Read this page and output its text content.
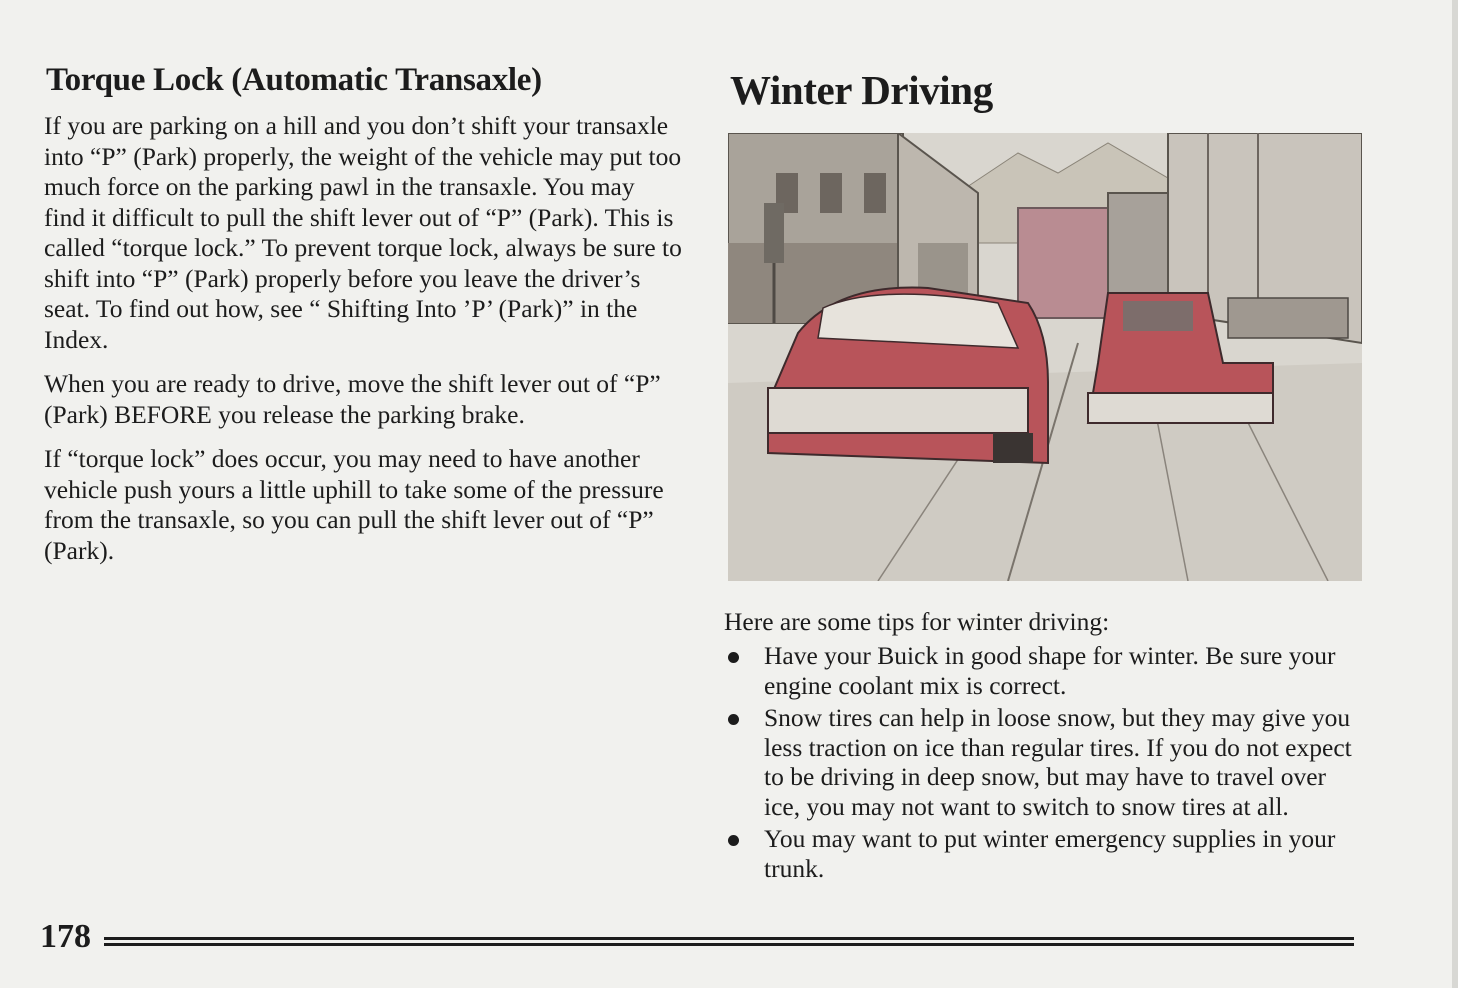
Torque Lock (Automatic Transaxle)

If you are parking on a hill and you don’t shift your transaxle into “P” (Park) properly, the weight of the vehicle may put too much force on the parking pawl in the transaxle. You may find it difficult to pull the shift lever out of “P” (Park). This is called “torque lock.” To prevent torque lock, always be sure to shift into “P” (Park) properly before you leave the driver’s seat. To find out how, see “ Shifting Into ’P’ (Park)” in the Index.

When you are ready to drive, move the shift lever out of “P” (Park) BEFORE you release the parking brake.

If “torque lock” does occur, you may need to have another vehicle push yours a little uphill to take some of the pressure from the transaxle, so you can pull the shift lever out of “P” (Park).

Winter Driving

Here are some tips for winter driving:

Have your Buick in good shape for winter. Be sure your engine coolant mix is correct.
Snow tires can help in loose snow, but they may give you less traction on ice than regular tires. If you do not expect to be driving in deep snow, but may have to travel over ice, you may not want to switch to snow tires at all.
You may want to put winter emergency supplies in your trunk.
178
